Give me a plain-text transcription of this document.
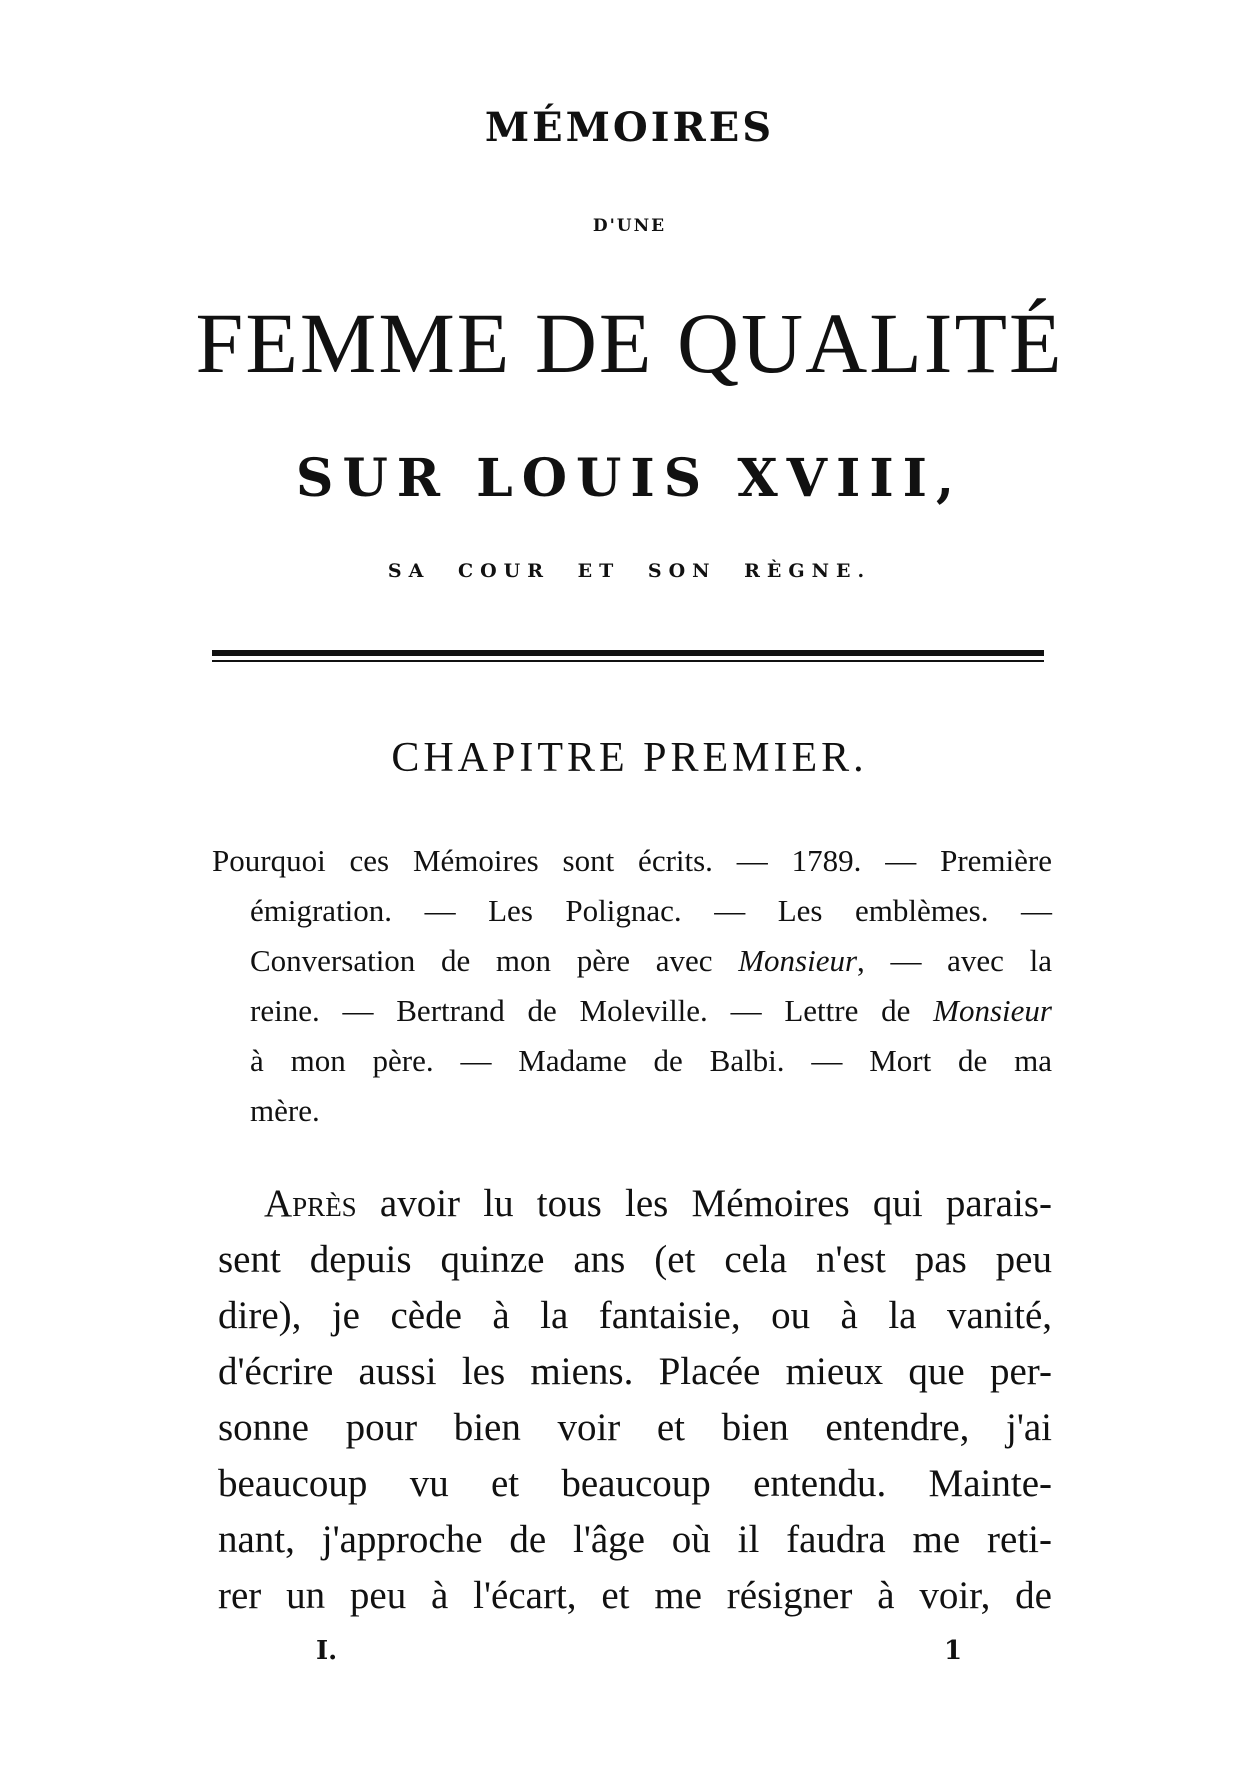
MÉMOIRES
D'UNE
FEMME DE QUALITÉ
SUR LOUIS XVIII,
SA COUR ET SON RÈGNE.
CHAPITRE PREMIER.
Pourquoi ces Mémoires sont écrits. — 1789. — Première
émigration. — Les Polignac. — Les emblèmes. —
Conversation de mon père avec Monsieur, — avec la
reine. — Bertrand de Moleville. — Lettre de Monsieur
à mon père. — Madame de Balbi. — Mort de ma
mère.
Après avoir lu tous les Mémoires qui parais-
sent depuis quinze ans (et cela n'est pas peu
dire), je cède à la fantaisie, ou à la vanité,
d'écrire aussi les miens. Placée mieux que per-
sonne pour bien voir et bien entendre, j'ai
beaucoup vu et beaucoup entendu. Mainte-
nant, j'approche de l'âge où il faudra me reti-
rer un peu à l'écart, et me résigner à voir, de
I.	1
